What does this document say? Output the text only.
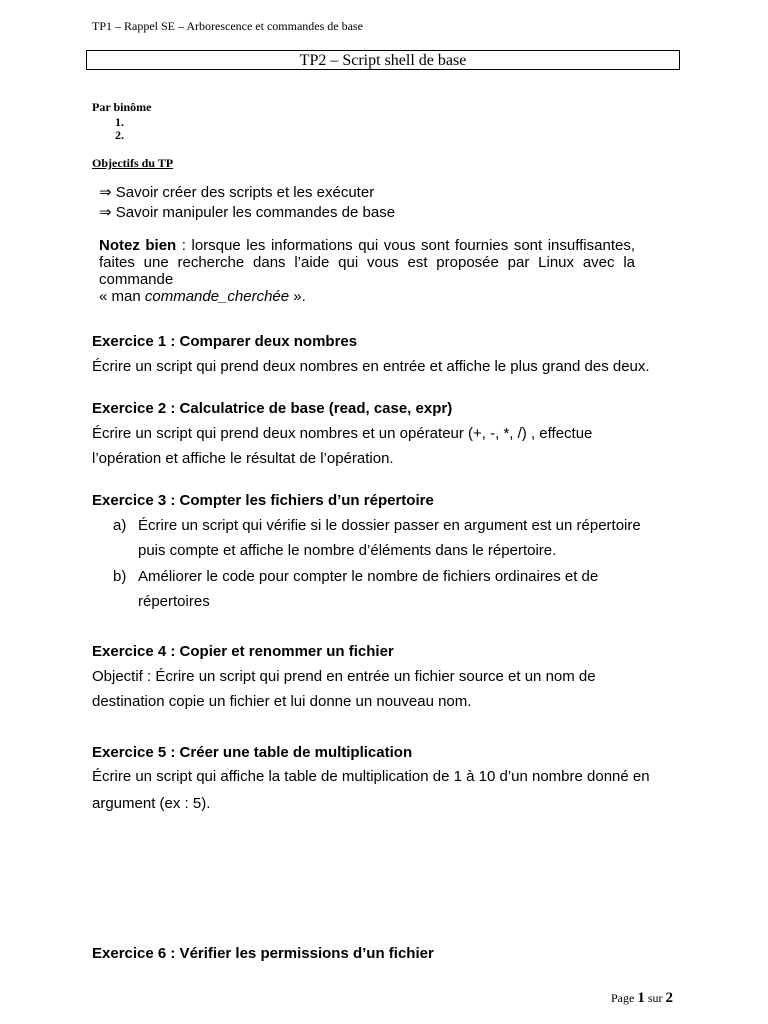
TP1 – Rappel SE – Arborescence et commandes de base
TP2 – Script shell de base
Par binôme
1.
2.
Objectifs du TP
⇒ Savoir créer des scripts et les exécuter
⇒ Savoir manipuler les commandes de base
Notez bien : lorsque les informations qui vous sont fournies sont insuffisantes,
faites une recherche dans l’aide qui vous est proposée par Linux avec la
commande
« man commande_cherchée ».
Exercice 1 : Comparer deux nombres
Écrire un script qui prend deux nombres en entrée et affiche le plus grand des deux.
Exercice 2 : Calculatrice de base (read, case, expr)
Écrire un script qui prend deux nombres et un opérateur (+, -, *, /) , effectue
l’opération et affiche le résultat de l’opération.
Exercice 3 : Compter les fichiers d’un répertoire
a) Écrire un script qui vérifie si le dossier passer en argument est un répertoire
puis compte et affiche le nombre d’éléments dans le répertoire.
b) Améliorer le code pour compter le nombre de fichiers ordinaires et de
répertoires
Exercice 4 : Copier et renommer un fichier
Objectif : Écrire un script qui prend en entrée un fichier source et un nom de
destination copie un fichier et lui donne un nouveau nom.
Exercice 5 : Créer une table de multiplication
Écrire un script qui affiche la table de multiplication de 1 à 10 d’un nombre donné en
argument (ex : 5).
Exercice 6 : Vérifier les permissions d’un fichier
Page 1 sur 2
